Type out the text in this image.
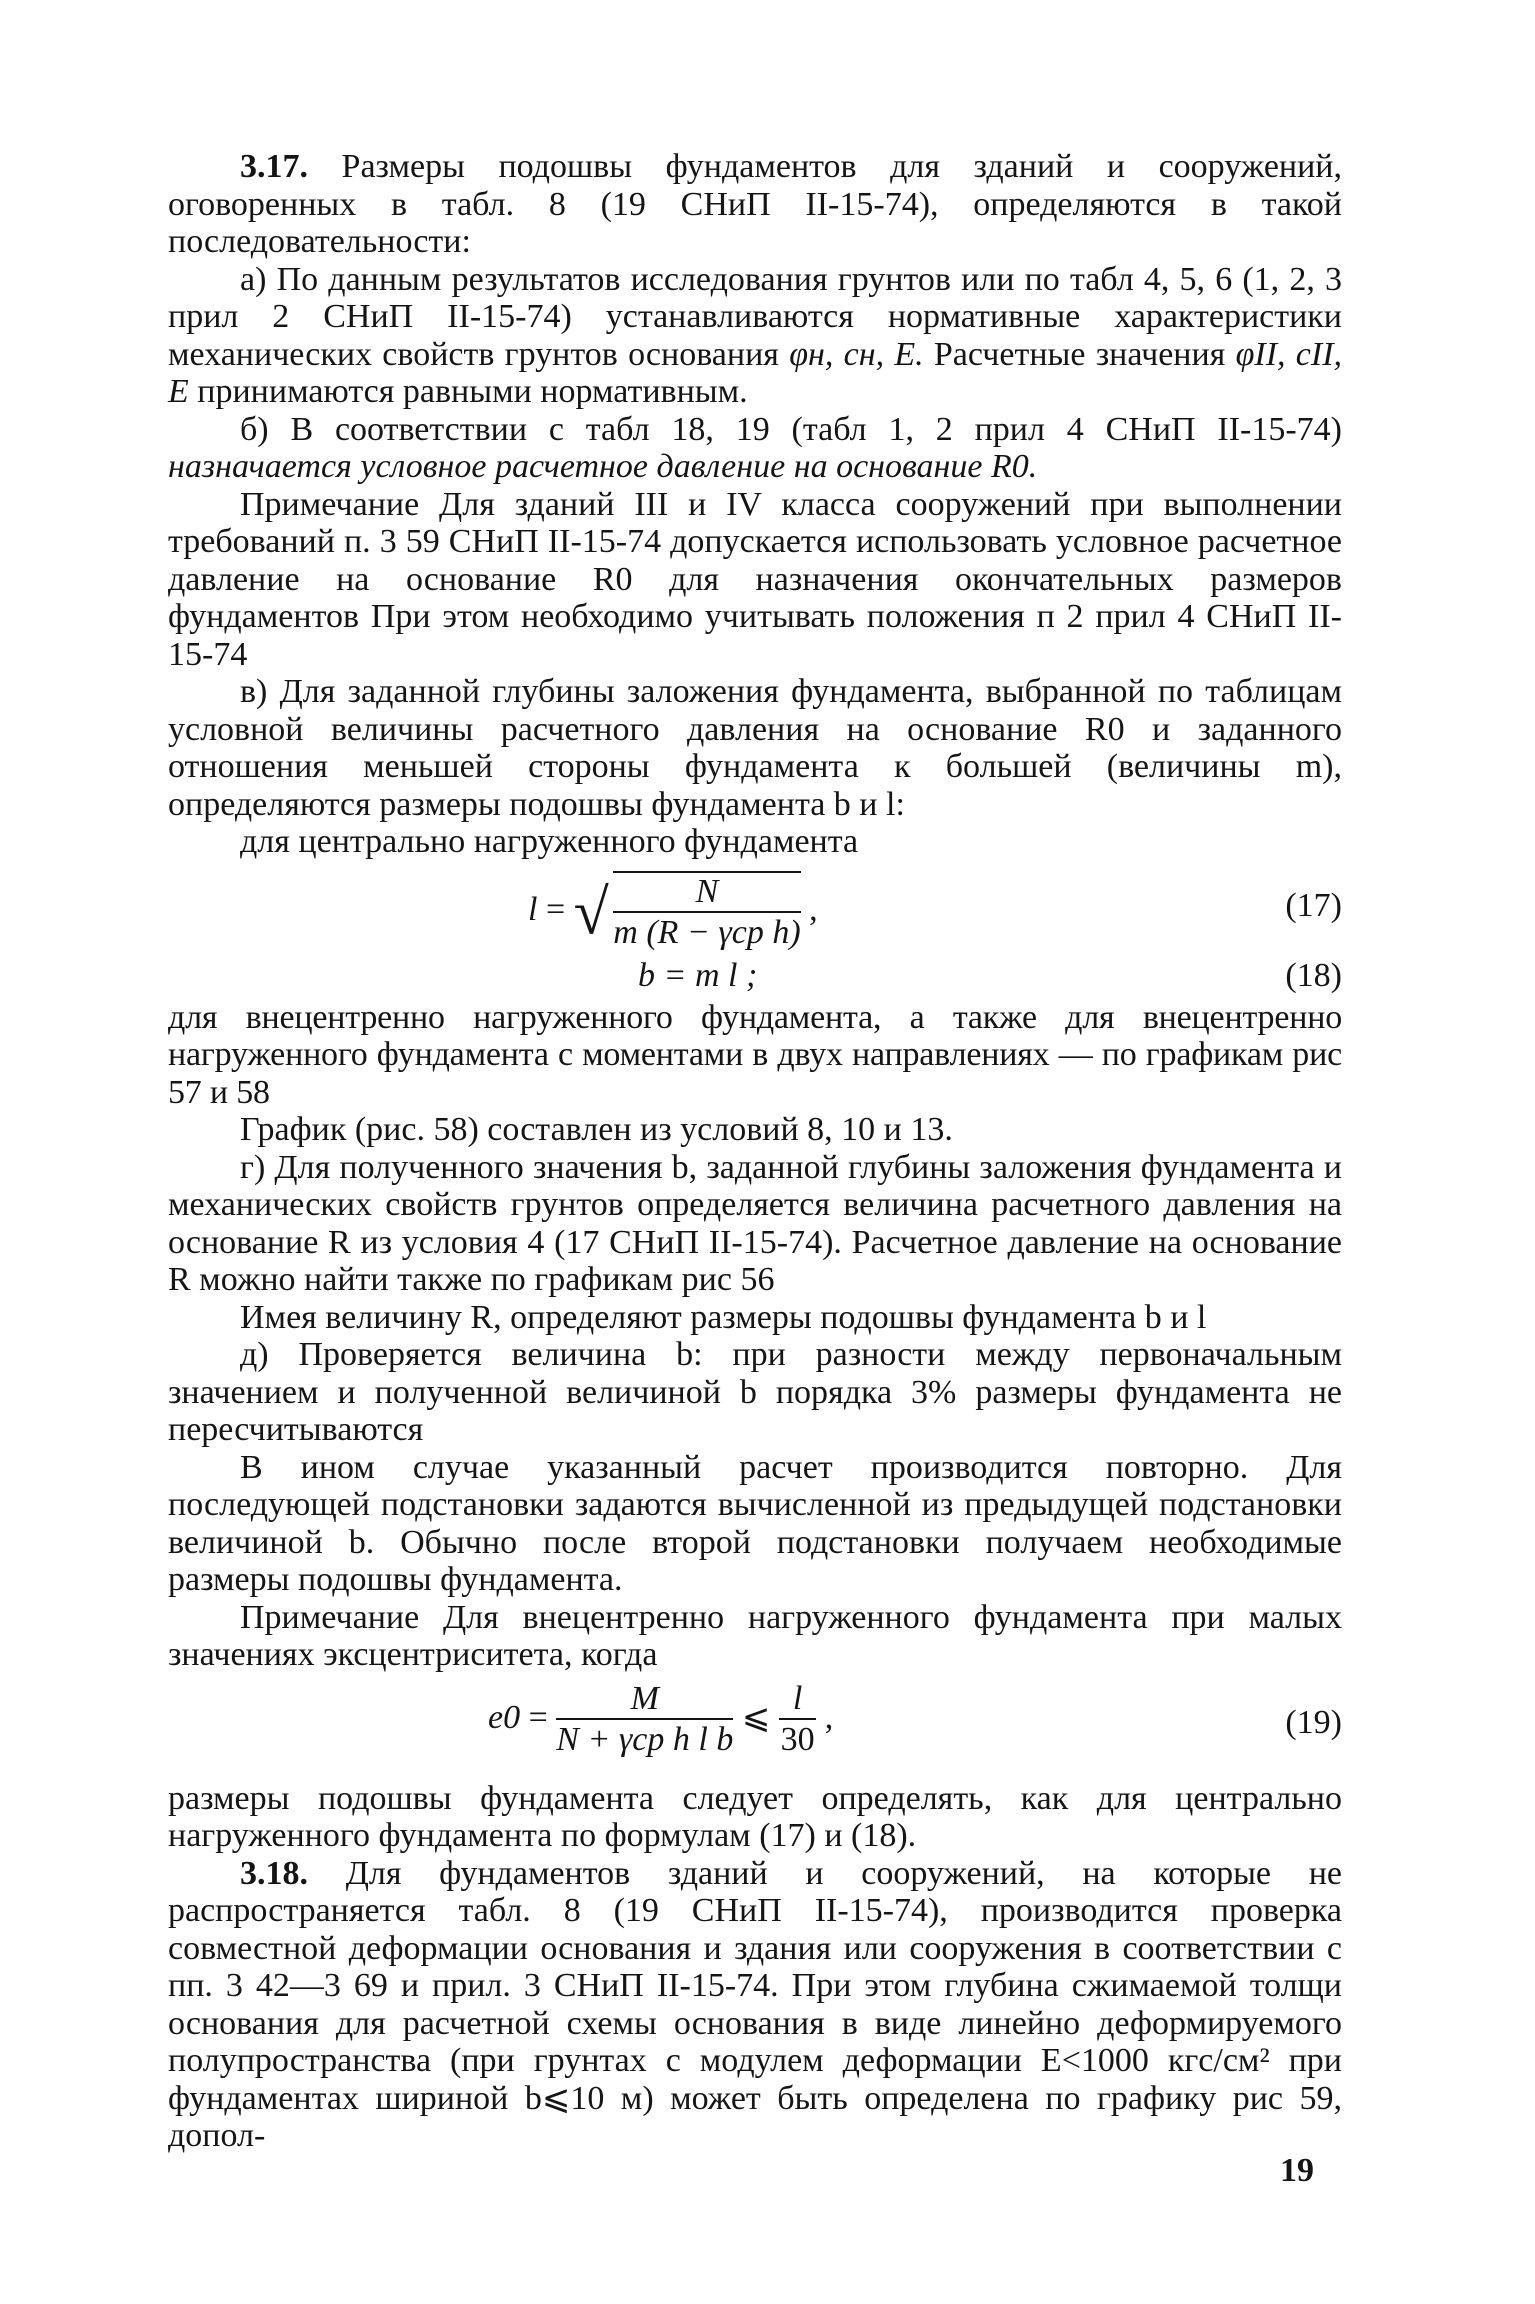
3.17. Размеры подошвы фундаментов для зданий и сооружений, оговоренных в табл. 8 (19 СНиП II-15-74), определяются в такой последовательности:

а) По данным результатов исследования грунтов или по табл 4, 5, 6 (1, 2, 3 прил 2 СНиП II-15-74) устанавливаются нормативные характеристики механических свойств грунтов основания φн, cн, E. Расчетные значения φII, cII, E принимаются равными нормативным.

б) В соответствии с табл 18, 19 (табл 1, 2 прил 4 СНиП II-15-74) назначается условное расчетное давление на основание R0.

Примечание Для зданий III и IV класса сооружений при выполнении требований п. 3 59 СНиП II-15-74 допускается использовать условное расчетное давление на основание R0 для назначения окончательных размеров фундаментов При этом необходимо учитывать положения п 2 прил 4 СНиП II-15-74

в) Для заданной глубины заложения фундамента, выбранной по таблицам условной величины расчетного давления на основание R0 и заданного отношения меньшей стороны фундамента к большей (величины m), определяются размеры подошвы фундамента b и l:

для центрально нагруженного фундамента

l = √ $\frac{N}{\text{m (R − γср h)}}$ ,	(17)
b = m l ;	(18)

для внецентренно нагруженного фундамента, а также для внецентренно нагруженного фундамента с моментами в двух направлениях — по графикам рис 57 и 58

График (рис. 58) составлен из условий 8, 10 и 13.

г) Для полученного значения b, заданной глубины заложения фундамента и механических свойств грунтов определяется величина расчетного давления на основание R из условия 4 (17 СНиП II-15-74). Расчетное давление на основание R можно найти также по графикам рис 56

Имея величину R, определяют размеры подошвы фундамента b и l

д) Проверяется величина b: при разности между первоначальным значением и полученной величиной b порядка 3% размеры фундамента не пересчитываются

В ином случае указанный расчет производится повторно. Для последующей подстановки задаются вычисленной из предыдущей подстановки величиной b. Обычно после второй подстановки получаем необходимые размеры подошвы фундамента.

Примечание Для внецентренно нагруженного фундамента при малых значениях эксцентриситета, когда

$e0 = \frac{M}{\text{N + γср h l b}}$ ⩽ $\frac{l}{30}$ ,	(19)

размеры подошвы фундамента следует определять, как для центрально нагруженного фундамента по формулам (17) и (18).

3.18. Для фундаментов зданий и сооружений, на которые не распространяется табл. 8 (19 СНиП II-15-74), производится проверка совместной деформации основания и здания или сооружения в соответствии с пп. 3 42—3 69 и прил. 3 СНиП II-15-74. При этом глубина сжимаемой толщи основания для расчетной схемы основания в виде линейно деформируемого полупространства (при грунтах с модулем деформации E<1000 кгс/см² при фундаментах шириной b⩽10 м) может быть определена по графику рис 59, допол-

19
